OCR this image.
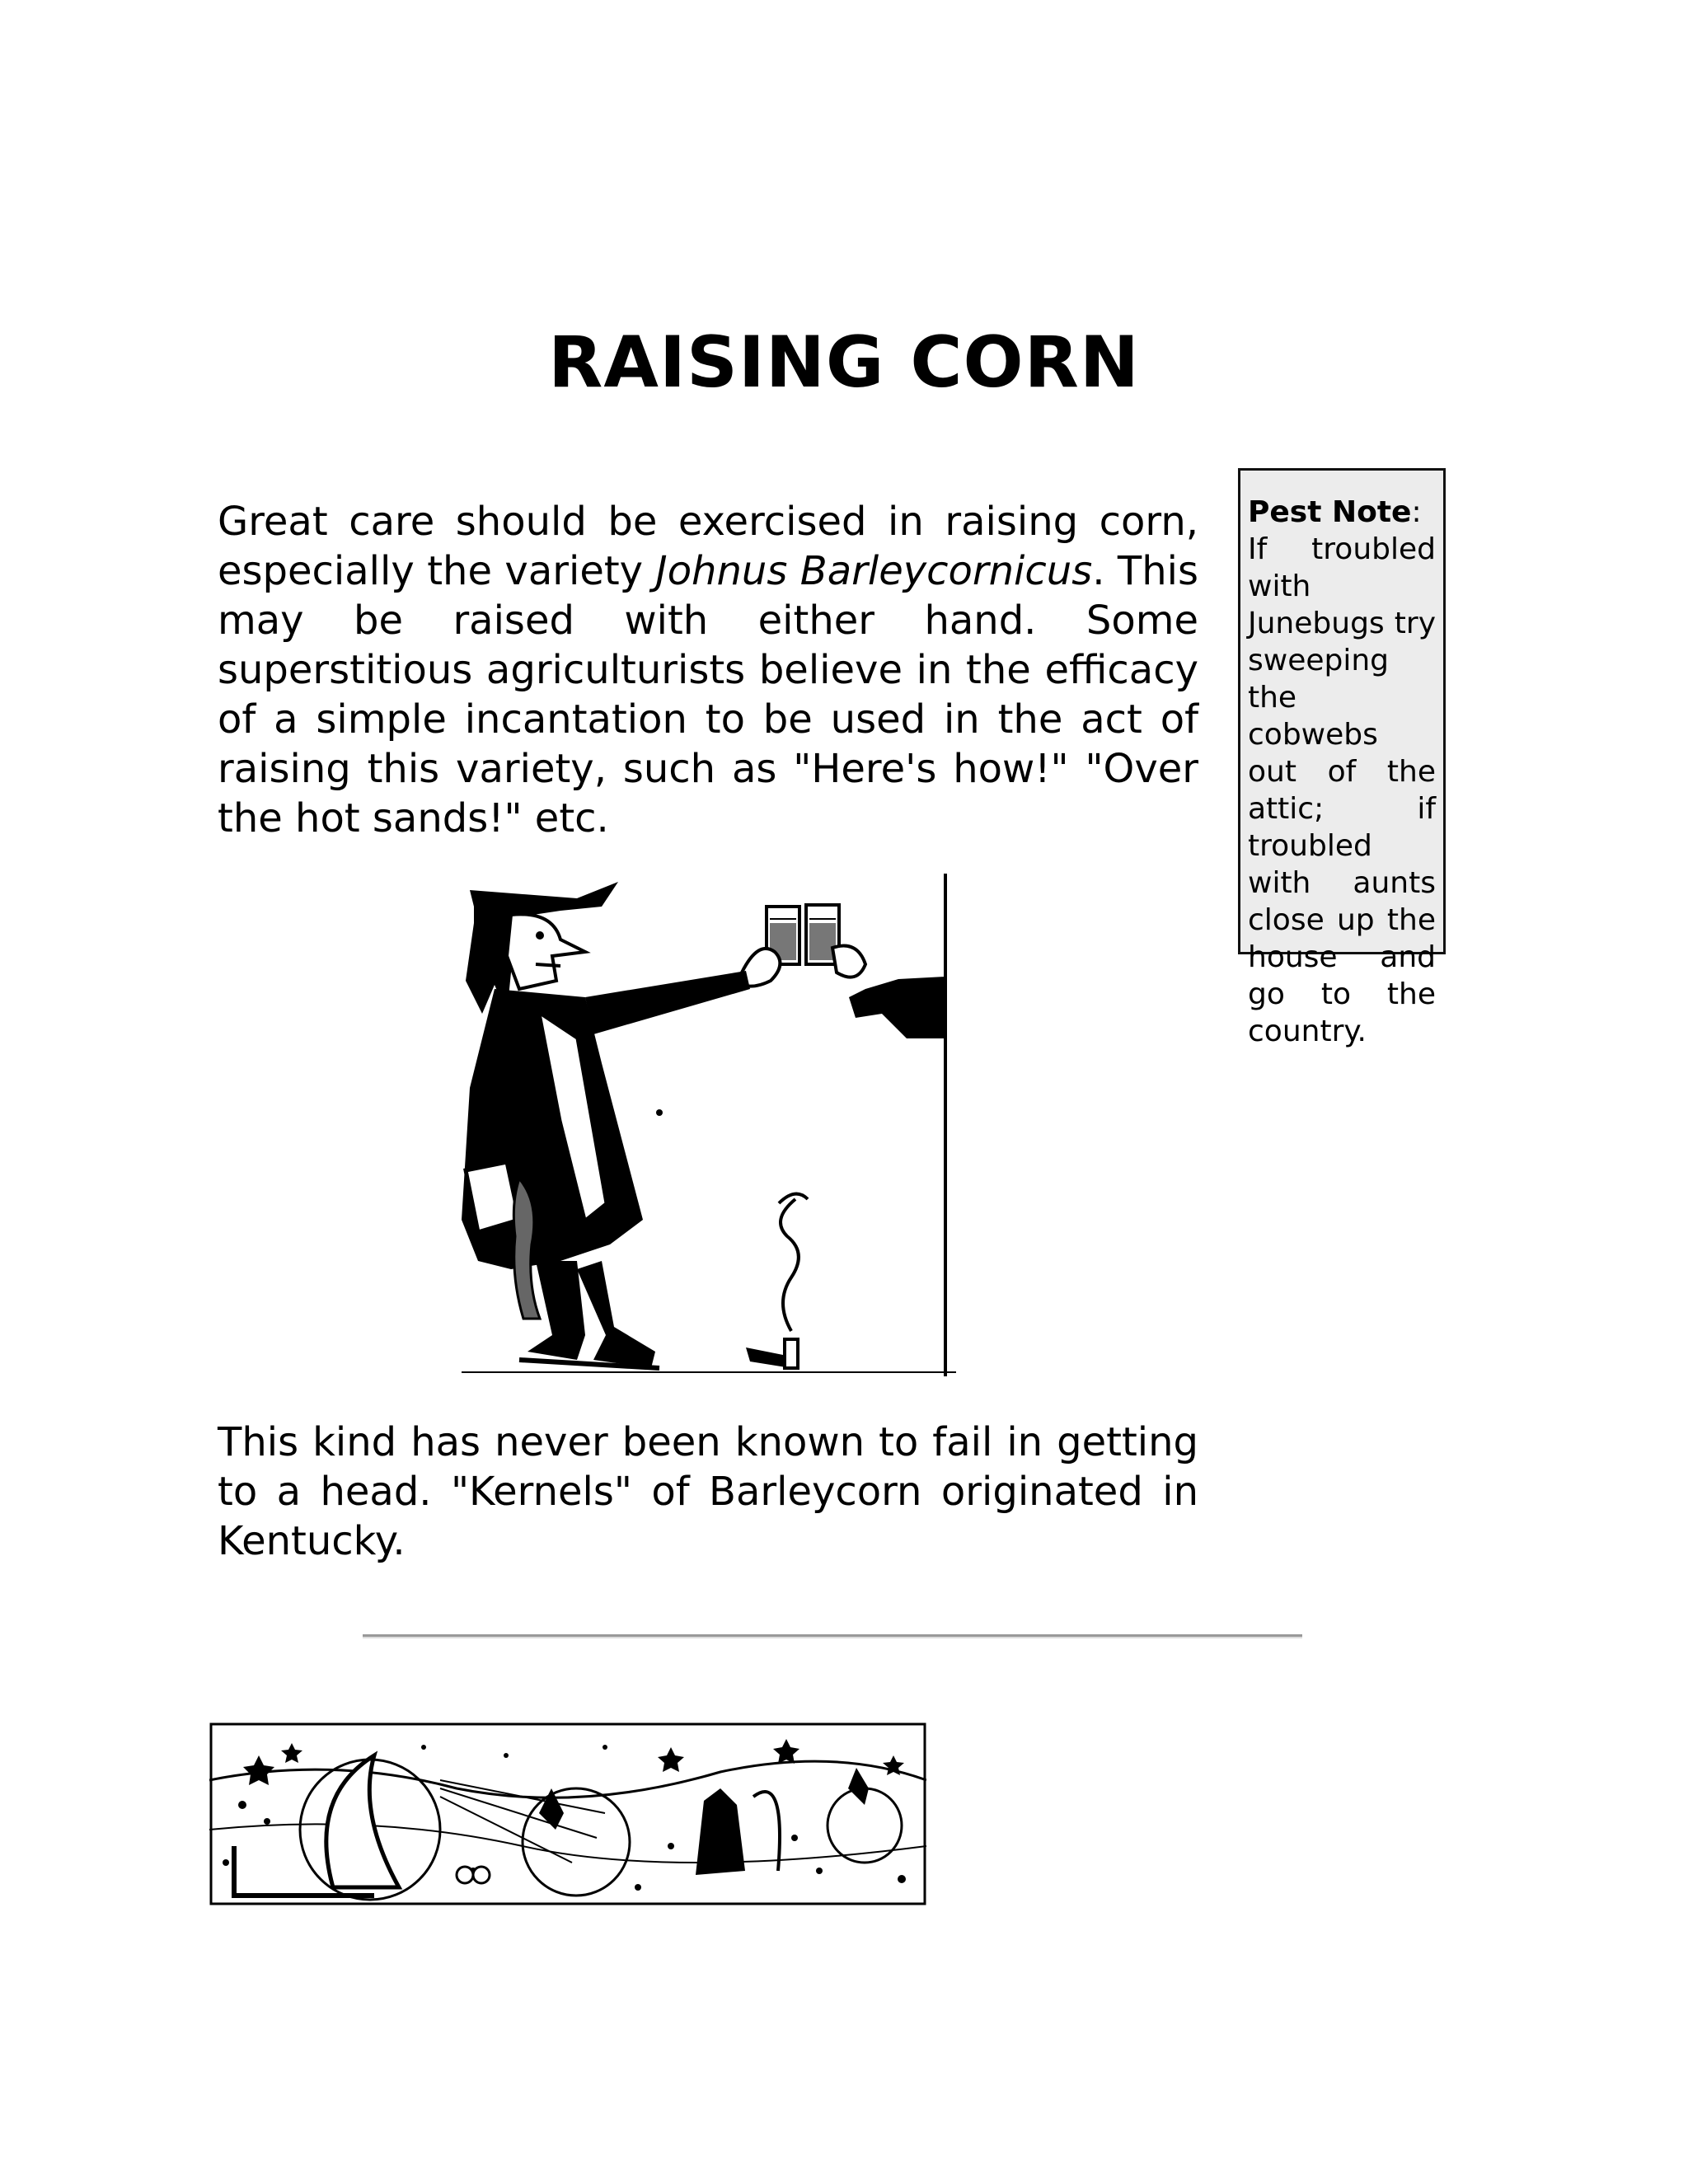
RAISING CORN

Great care should be exercised in raising corn, especially the variety Johnus Barleycornicus. This may be raised with either hand. Some superstitious agriculturists believe in the efficacy of a simple incantation to be used in the act of raising this variety, such as "Here's how!" "Over the hot sands!" etc.

Pest Note:
If troubled with Junebugs try sweeping the cobwebs out of the attic; if troubled with aunts close up the house and go to the country.

This kind has never been known to fail in getting to a head. "Kernels" of Barleycorn originated in Kentucky.
